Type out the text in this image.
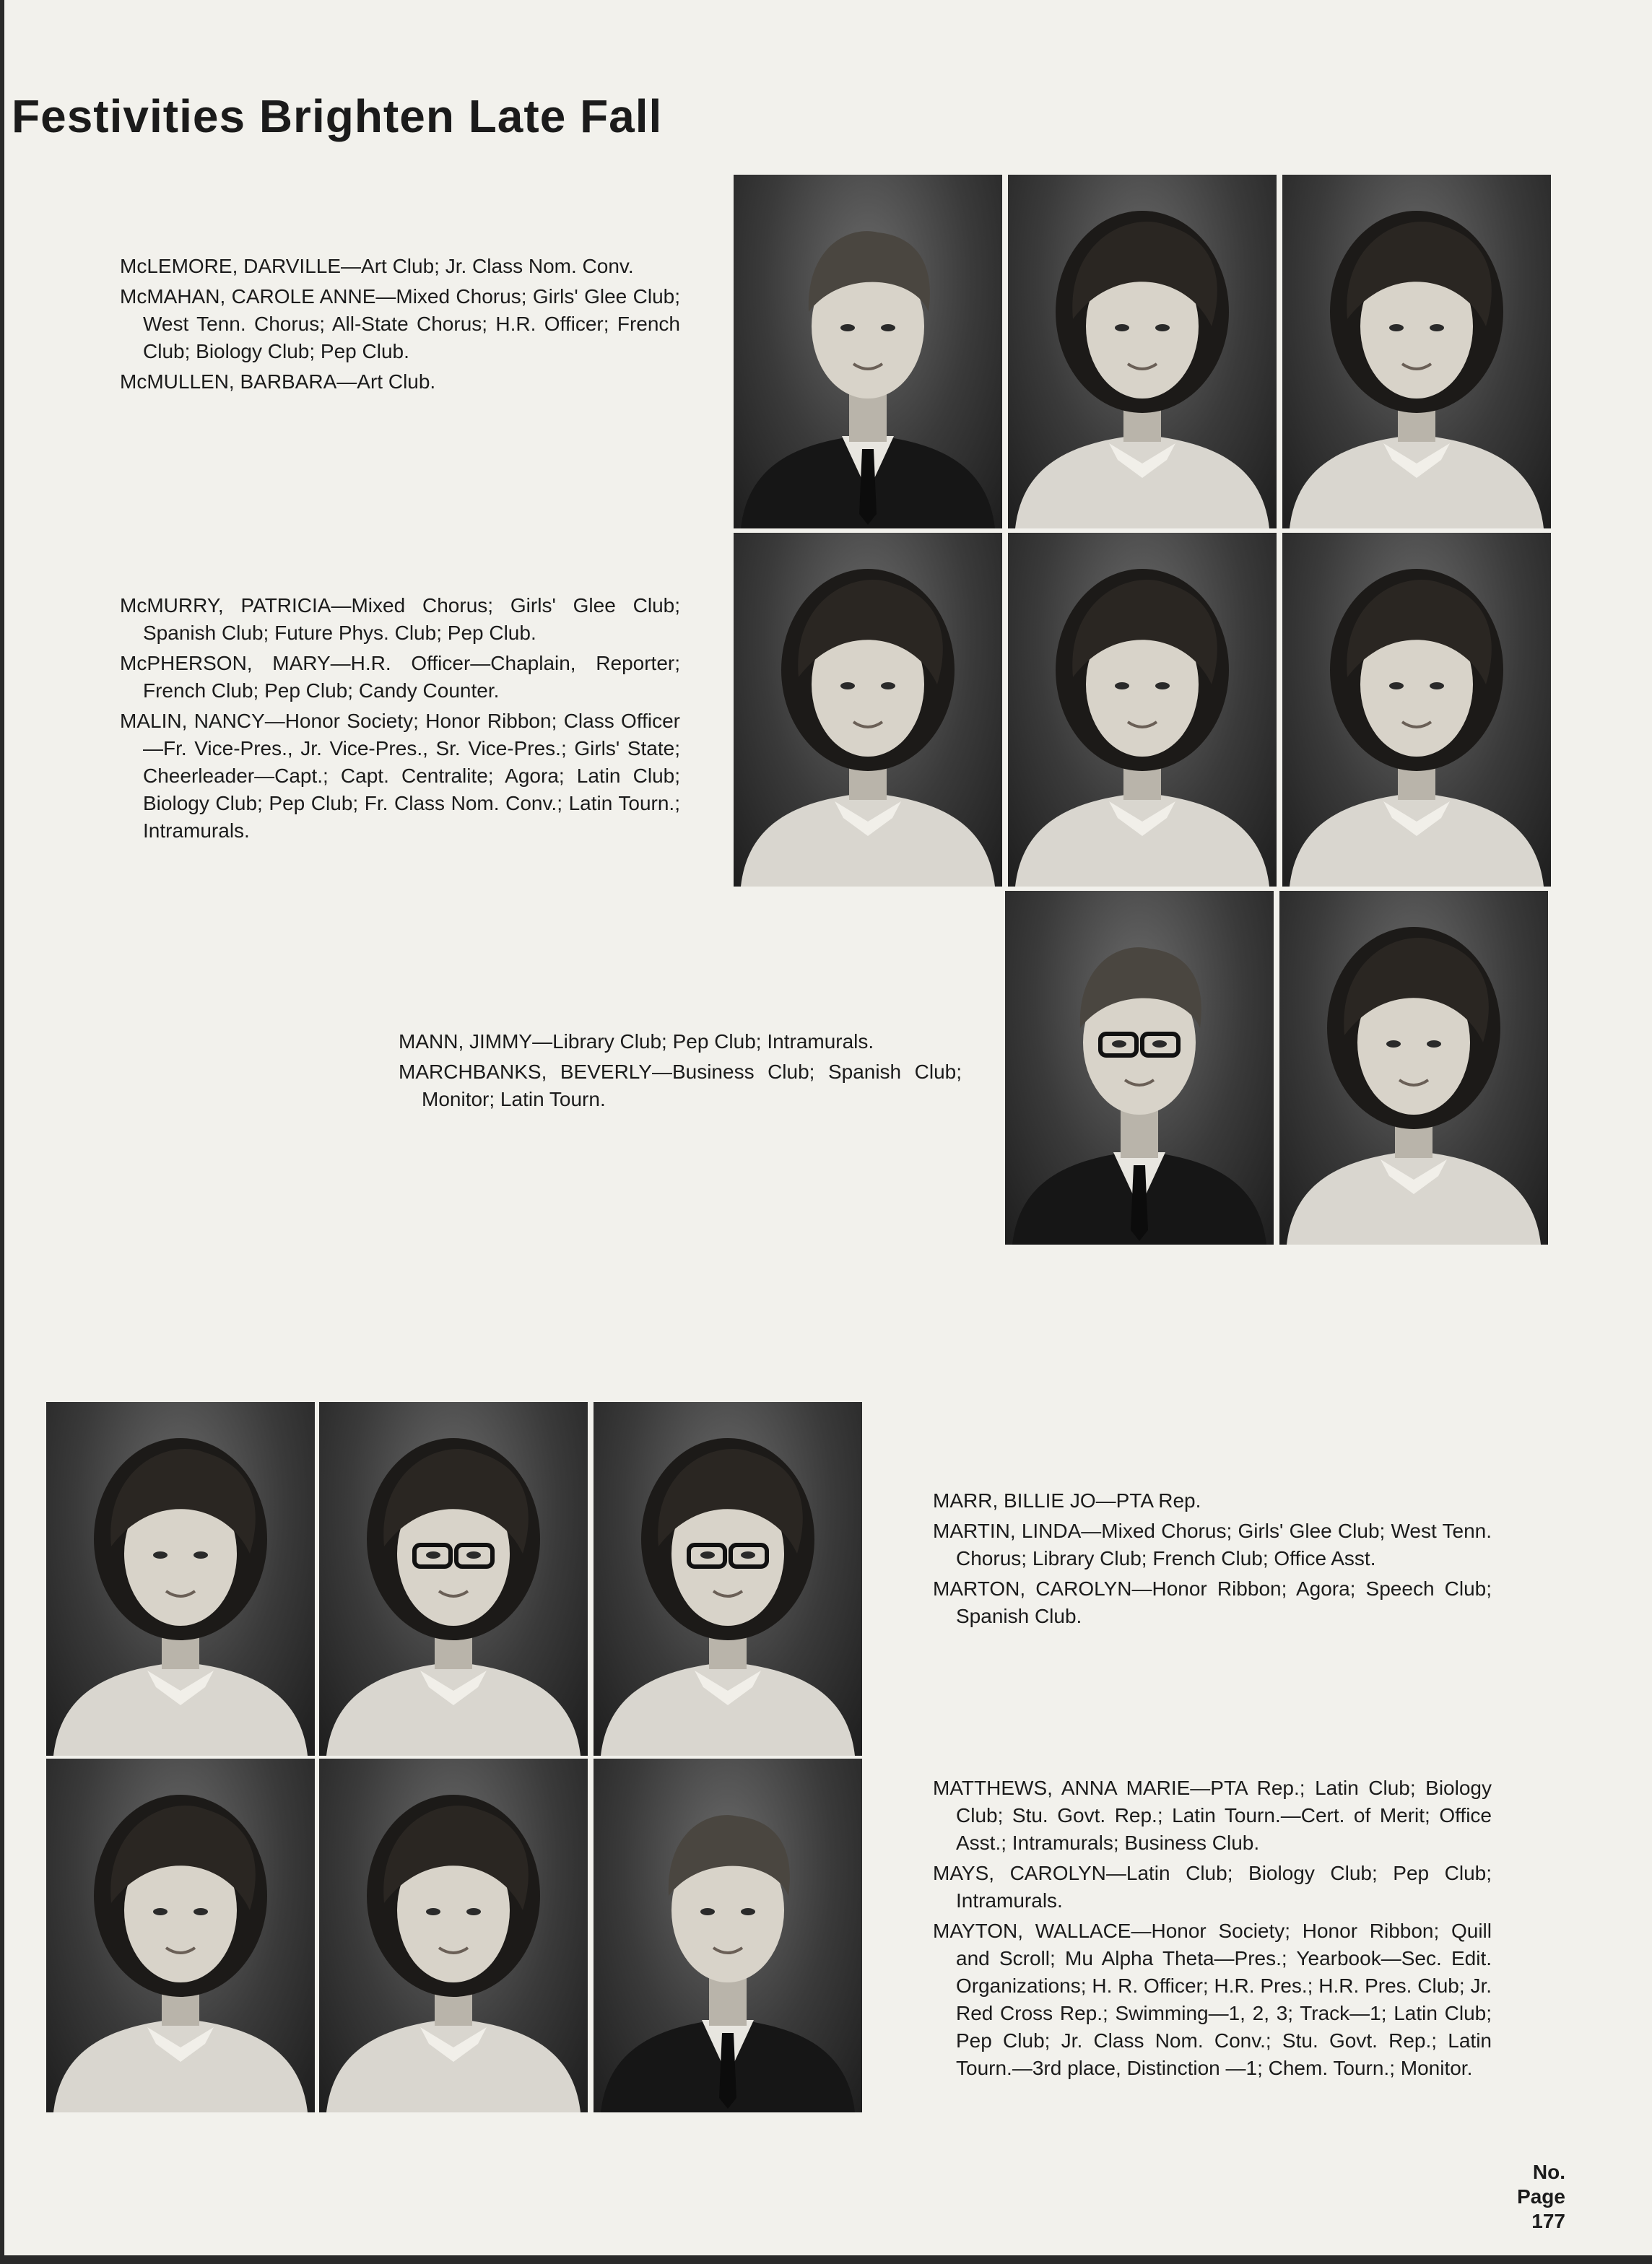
Festivities Brighten Late Fall

McLEMORE, DARVILLE—Art Club; Jr. Class Nom. Conv.

McMAHAN, CAROLE ANNE—Mixed Chorus; Girls' Glee Club; West Tenn. Chorus; All-State Chorus; H.R. Officer; French Club; Biology Club; Pep Club.

McMULLEN, BARBARA—Art Club.

McMURRY, PATRICIA—Mixed Chorus; Girls' Glee Club; Spanish Club; Future Phys. Club; Pep Club.

McPHERSON, MARY—H.R. Officer—Chaplain, Reporter; French Club; Pep Club; Candy Counter.

MALIN, NANCY—Honor Society; Honor Ribbon; Class Officer—Fr. Vice-Pres., Jr. Vice-Pres., Sr. Vice-Pres.; Girls' State; Cheerleader—Capt.; Capt. Centralite; Agora; Latin Club; Biology Club; Pep Club; Fr. Class Nom. Conv.; Latin Tourn.; Intramurals.

MANN, JIMMY—Library Club; Pep Club; Intramurals.

MARCHBANKS, BEVERLY—Business Club; Spanish Club; Monitor; Latin Tourn.

MARR, BILLIE JO—PTA Rep.

MARTIN, LINDA—Mixed Chorus; Girls' Glee Club; West Tenn. Chorus; Library Club; French Club; Office Asst.

MARTON, CAROLYN—Honor Ribbon; Agora; Speech Club; Spanish Club.

MATTHEWS, ANNA MARIE—PTA Rep.; Latin Club; Biology Club; Stu. Govt. Rep.; Latin Tourn.—Cert. of Merit; Office Asst.; Intramurals; Business Club.

MAYS, CAROLYN—Latin Club; Biology Club; Pep Club; Intramurals.

MAYTON, WALLACE—Honor Society; Honor Ribbon; Quill and Scroll; Mu Alpha Theta—Pres.; Yearbook—Sec. Edit. Organizations; H. R. Officer; H.R. Pres.; H.R. Pres. Club; Jr. Red Cross Rep.; Swimming—1, 2, 3; Track—1; Latin Club; Pep Club; Jr. Class Nom. Conv.; Stu. Govt. Rep.; Latin Tourn.—3rd place, Distinction —1; Chem. Tourn.; Monitor.

No.
Page
177
